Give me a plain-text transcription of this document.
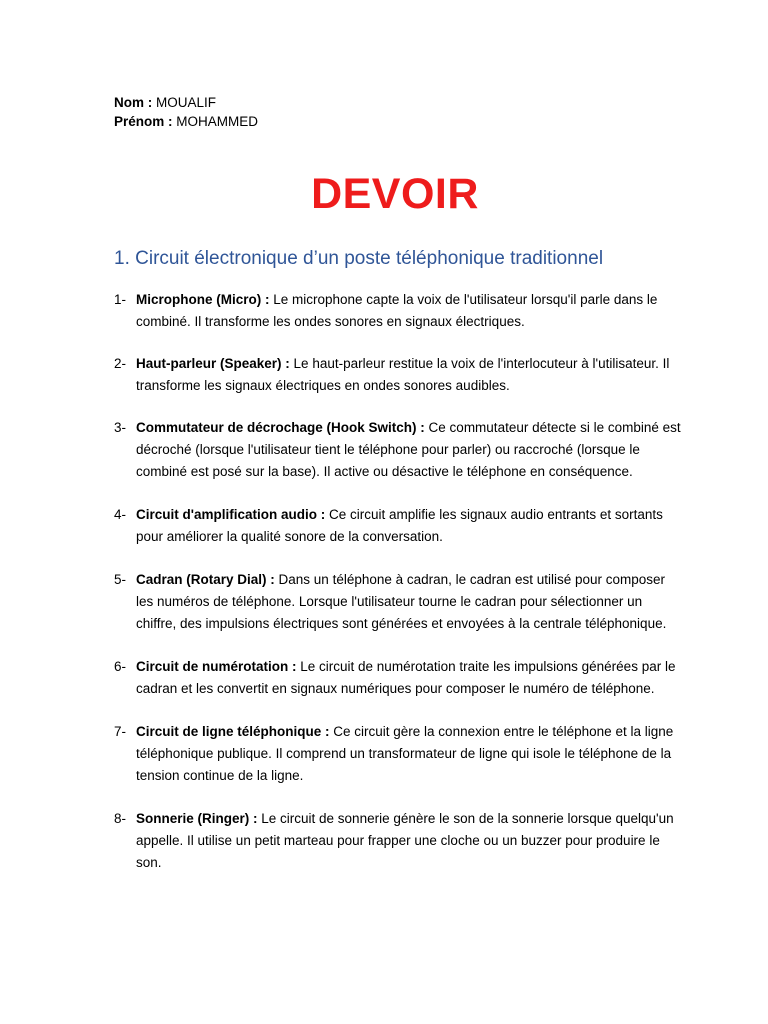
Nom : MOUALIF
Prénom : MOHAMMED
DEVOIR
1. Circuit électronique d’un poste téléphonique traditionnel
1- Microphone (Micro) : Le microphone capte la voix de l'utilisateur lorsqu'il parle dans le combiné. Il transforme les ondes sonores en signaux électriques.
2- Haut-parleur (Speaker) : Le haut-parleur restitue la voix de l'interlocuteur à l'utilisateur. Il transforme les signaux électriques en ondes sonores audibles.
3- Commutateur de décrochage (Hook Switch) : Ce commutateur détecte si le combiné est décroché (lorsque l'utilisateur tient le téléphone pour parler) ou raccroché (lorsque le combiné est posé sur la base). Il active ou désactive le téléphone en conséquence.
4- Circuit d'amplification audio : Ce circuit amplifie les signaux audio entrants et sortants pour améliorer la qualité sonore de la conversation.
5- Cadran (Rotary Dial) : Dans un téléphone à cadran, le cadran est utilisé pour composer les numéros de téléphone. Lorsque l'utilisateur tourne le cadran pour sélectionner un chiffre, des impulsions électriques sont générées et envoyées à la centrale téléphonique.
6- Circuit de numérotation : Le circuit de numérotation traite les impulsions générées par le cadran et les convertit en signaux numériques pour composer le numéro de téléphone.
7- Circuit de ligne téléphonique : Ce circuit gère la connexion entre le téléphone et la ligne téléphonique publique. Il comprend un transformateur de ligne qui isole le téléphone de la tension continue de la ligne.
8- Sonnerie (Ringer) : Le circuit de sonnerie génère le son de la sonnerie lorsque quelqu'un appelle. Il utilise un petit marteau pour frapper une cloche ou un buzzer pour produire le son.
